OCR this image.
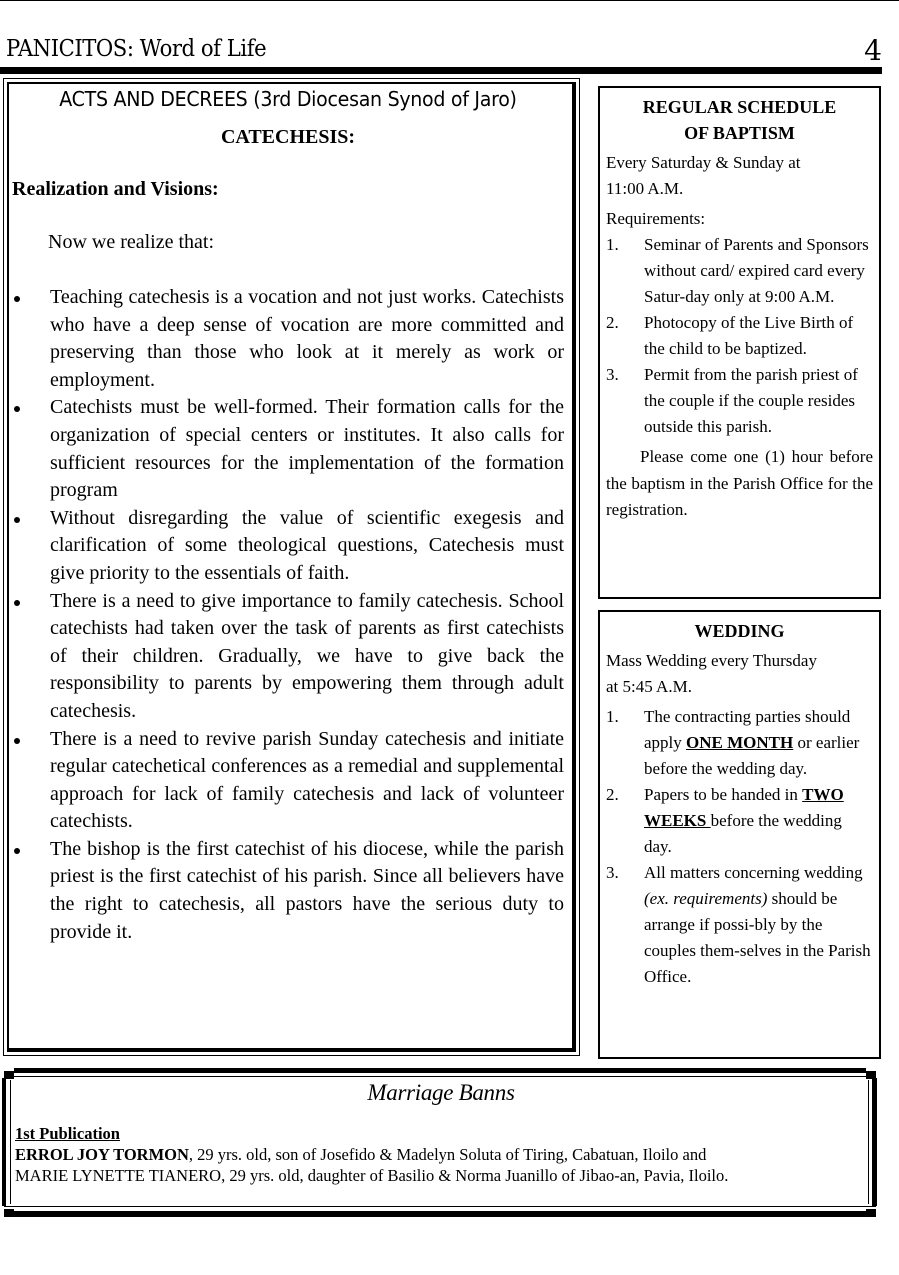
PANICITOS: Word of Life	4
ACTS AND DECREES (3rd Diocesan Synod of Jaro)
CATECHESIS:
Realization and Visions:
Now we realize that:
Teaching catechesis is a vocation and not just works. Catechists who have a deep sense of vocation are more committed and preserving than those who look at it merely as work or employment.
Catechists must be well-formed. Their formation calls for the organization of special centers or institutes. It also calls for sufficient resources for the implementation of the formation program
Without disregarding the value of scientific exegesis and clarification of some theological questions, Catechesis must give priority to the essentials of faith.
There is a need to give importance to family catechesis. School catechists had taken over the task of parents as first catechists of their children. Gradually, we have to give back the responsibility to parents by empowering them through adult catechesis.
There is a need to revive parish Sunday catechesis and initiate regular catechetical conferences as a remedial and supplemental approach for lack of family catechesis and lack of volunteer catechists.
The bishop is the first catechist of his diocese, while the parish priest is the first catechist of his parish. Since all believers have the right to catechesis, all pastors have the serious duty to provide it.
REGULAR SCHEDULE
OF BAPTISM
Every Saturday & Sunday at
11:00 A.M.
Requirements:
1. Seminar of Parents and Sponsors without card/ expired card every Satur-day only at 9:00 A.M.
2. Photocopy of the Live Birth of the child to be baptized.
3. Permit from the parish priest of the couple if the couple resides outside this parish.
Please come one (1) hour before the baptism in the Parish Office for the registration.
WEDDING
Mass Wedding every Thursday
at 5:45 A.M.
1. The contracting parties should apply ONE MONTH or earlier before the wedding day.
2. Papers to be handed in TWO WEEKS before the wedding day.
3. All matters concerning wedding (ex. requirements) should be arrange if possi-bly by the couples them-selves in the Parish Office.
Marriage Banns
1st Publication
ERROL JOY TORMON, 29 yrs. old, son of Josefido & Madelyn Soluta of Tiring, Cabatuan, Iloilo and
MARIE LYNETTE TIANERO, 29 yrs. old, daughter of Basilio & Norma Juanillo of Jibao-an, Pavia, Iloilo.
